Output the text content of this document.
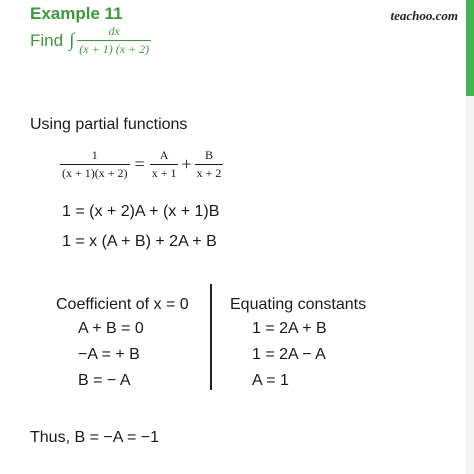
teachoo.com
Example 11
Find ∫ $\frac{dx}{(x + 1) (x + 2)}$
Using partial functions
$\frac{1}{(x + 1)(x + 2)} = \frac{A}{x + 1} + \frac{B}{x + 2}$
1 = (x + 2)A + (x + 1)B
1 = x (A + B) + 2A + B
Coefficient of x = 0
A + B = 0
−A = + B
B = − A
Equating constants
1 = 2A + B
1 = 2A − A
A = 1
Thus, B = −A = −1
